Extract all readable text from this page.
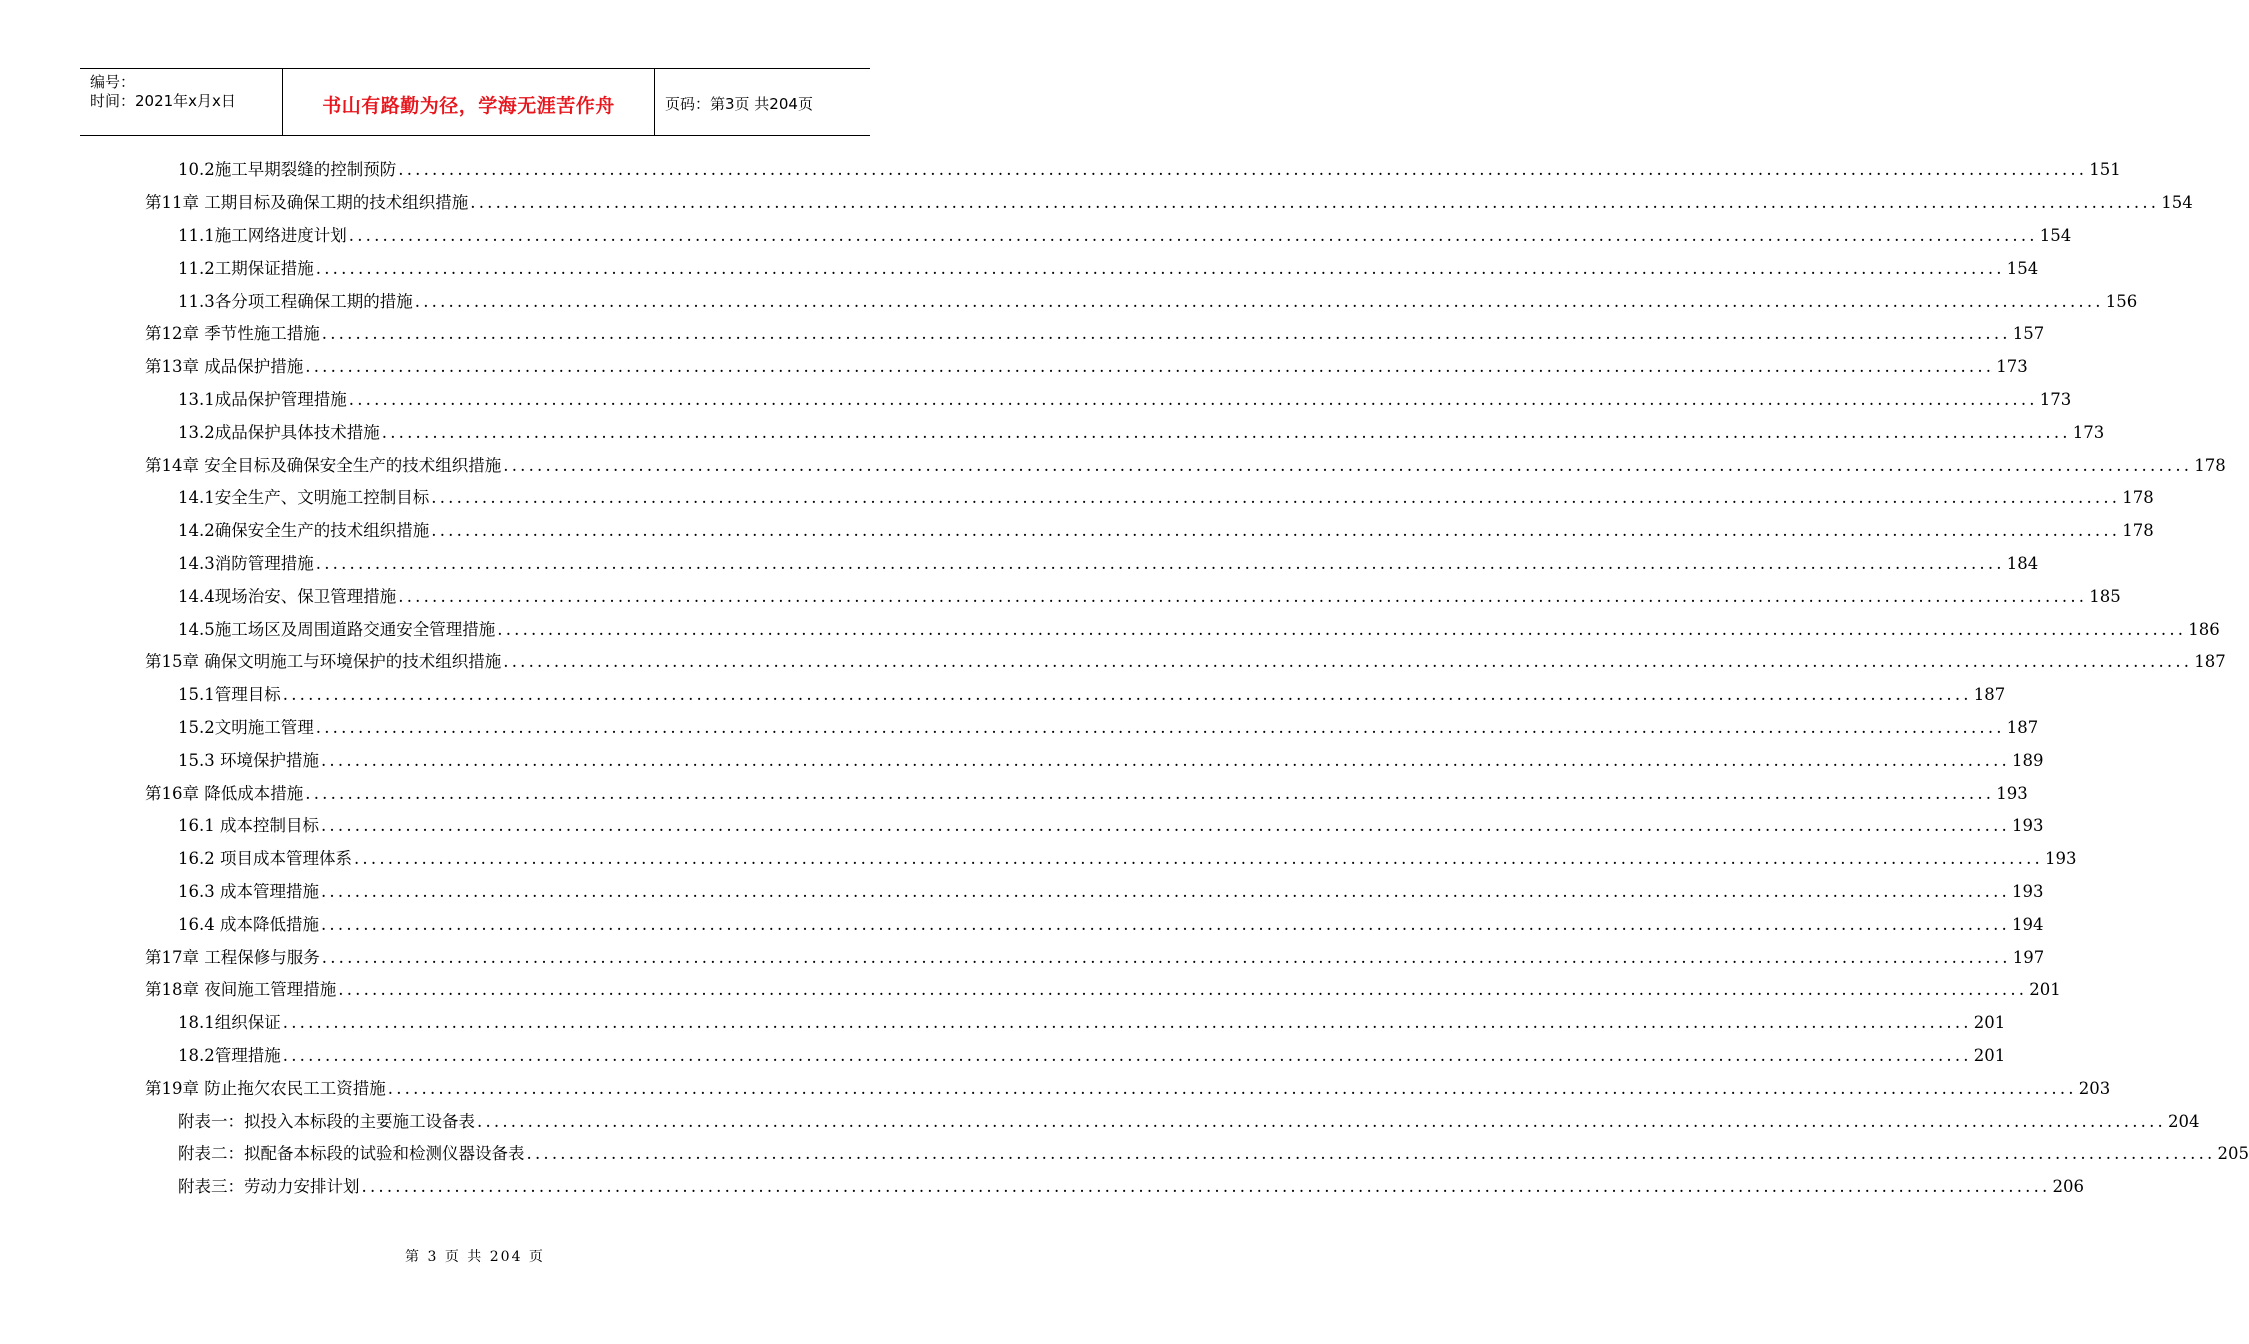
编号：
时间：2021年x月x日	书山有路勤为径，学海无涯苦作舟	页码：第3页 共204页
10.2施工早期裂缝的控制预防 ........................................................................................................................................................................................................ 151
第11章 工期目标及确保工期的技术组织措施 ........................................................................................................................................................................................................ 154
11.1施工网络进度计划 ........................................................................................................................................................................................................ 154
11.2工期保证措施 ........................................................................................................................................................................................................ 154
11.3各分项工程确保工期的措施 ........................................................................................................................................................................................................ 156
第12章 季节性施工措施 ........................................................................................................................................................................................................ 157
第13章 成品保护措施 ........................................................................................................................................................................................................ 173
13.1成品保护管理措施 ........................................................................................................................................................................................................ 173
13.2成品保护具体技术措施 ........................................................................................................................................................................................................ 173
第14章 安全目标及确保安全生产的技术组织措施 ........................................................................................................................................................................................................ 178
14.1安全生产、文明施工控制目标 ........................................................................................................................................................................................................ 178
14.2确保安全生产的技术组织措施 ........................................................................................................................................................................................................ 178
14.3消防管理措施 ........................................................................................................................................................................................................ 184
14.4现场治安、保卫管理措施 ........................................................................................................................................................................................................ 185
14.5施工场区及周围道路交通安全管理措施 ........................................................................................................................................................................................................ 186
第15章 确保文明施工与环境保护的技术组织措施 ........................................................................................................................................................................................................ 187
15.1管理目标 ........................................................................................................................................................................................................ 187
15.2文明施工管理 ........................................................................................................................................................................................................ 187
15.3 环境保护措施 ........................................................................................................................................................................................................ 189
第16章 降低成本措施 ........................................................................................................................................................................................................ 193
16.1 成本控制目标 ........................................................................................................................................................................................................ 193
16.2 项目成本管理体系 ........................................................................................................................................................................................................ 193
16.3 成本管理措施 ........................................................................................................................................................................................................ 193
16.4 成本降低措施 ........................................................................................................................................................................................................ 194
第17章 工程保修与服务 ........................................................................................................................................................................................................ 197
第18章 夜间施工管理措施 ........................................................................................................................................................................................................ 201
18.1组织保证 ........................................................................................................................................................................................................ 201
18.2管理措施 ........................................................................................................................................................................................................ 201
第19章 防止拖欠农民工工资措施 ........................................................................................................................................................................................................ 203
附表一：拟投入本标段的主要施工设备表 ........................................................................................................................................................................................................ 204
附表二：拟配备本标段的试验和检测仪器设备表 ........................................................................................................................................................................................................ 205
附表三：劳动力安排计划 ........................................................................................................................................................................................................ 206
第 3 页 共 204 页
